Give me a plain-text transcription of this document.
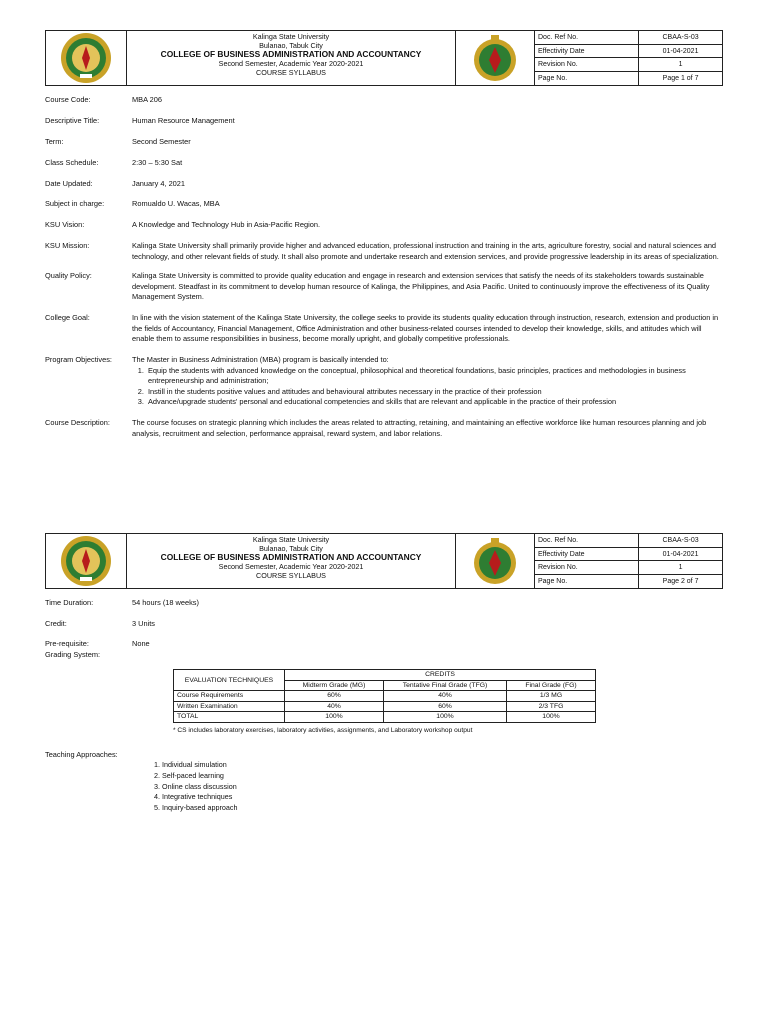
Kalinga State University
Bulanao, Tabuk City
COLLEGE OF BUSINESS ADMINISTRATION AND ACCOUNTANCY
Second Semester, Academic Year 2020-2021
COURSE SYLLABUS
Doc. Ref No.	CBAA-S-03
Effectivity Date	01-04-2021
Revision No.	1
Page No.	Page 1 of 7
Course Code:	MBA 206
Descriptive Title:	Human Resource Management
Term:	Second Semester
Class Schedule:	2:30 – 5:30 Sat
Date Updated:	January 4, 2021
Subject in charge:	Romualdo U. Wacas, MBA
KSU Vision:	A Knowledge and Technology Hub in Asia-Pacific Region.
KSU Mission:	Kalinga State University shall primarily provide higher and advanced education, professional instruction and training in the arts, agriculture forestry, social and natural sciences and technology, and other relevant fields of study. It shall also promote and undertake research and extension services, and provide progressive leadership in its areas of specialization.
Quality Policy:	Kalinga State University is committed to provide quality education and engage in research and extension services that satisfy the needs of its stakeholders towards sustainable development. Steadfast in its commitment to develop human resource of Kalinga, the Philippines, and Asia Pacific. United to continuously improve the effectiveness of its Quality Management System.
College Goal:	In line with the vision statement of the Kalinga State University, the college seeks to provide its students quality education through instruction, research, extension and production in the fields of Accountancy, Financial Management, Office Administration and other business-related courses intended to develop their knowledge, skills, and attitudes which will enable them to assume responsibilities in business, become morally upright, and globally competitive professionals.
Program Objectives:	The Master in Business Administration (MBA) program is basically intended to:
1. Equip the students with advanced knowledge on the conceptual, philosophical and theoretical foundations, basic principles, practices and methodologies in business entrepreneurship and administration;
2. Instill in the students positive values and attitudes and behavioural attributes necessary in the practice of their profession
3. Advance/upgrade students' personal and educational competencies and skills that are relevant and applicable in the practice of their profession
Course Description:	The course focuses on strategic planning which includes the areas related to attracting, retaining, and maintaining an effective workforce like human resources planning and job analysis, recruitment and selection, performance appraisal, reward system, and labor relations.
Kalinga State University
Bulanao, Tabuk City
COLLEGE OF BUSINESS ADMINISTRATION AND ACCOUNTANCY
Second Semester, Academic Year 2020-2021
COURSE SYLLABUS
Doc. Ref No.	CBAA-S-03
Effectivity Date	01-04-2021
Revision No.	1
Page No.	Page 2 of 7
Time Duration:	54 hours (18 weeks)
Credit:	3 Units
Pre-requisite:	None
Grading System:
EVALUATION TECHNIQUES	CREDITS		
	Midterm Grade (MG)	Tentative Final Grade (TFG)	Final Grade (FG)
Course Requirements	60%	40%	1/3 MG
Written Examination	40%	60%	2/3 TFG
TOTAL	100%	100%	100%
* CS includes laboratory exercises, laboratory activities, assignments, and Laboratory workshop output
Teaching Approaches:
1. Individual simulation
2. Self-paced learning
3. Online class discussion
4. Integrative techniques
5. Inquiry-based approach
